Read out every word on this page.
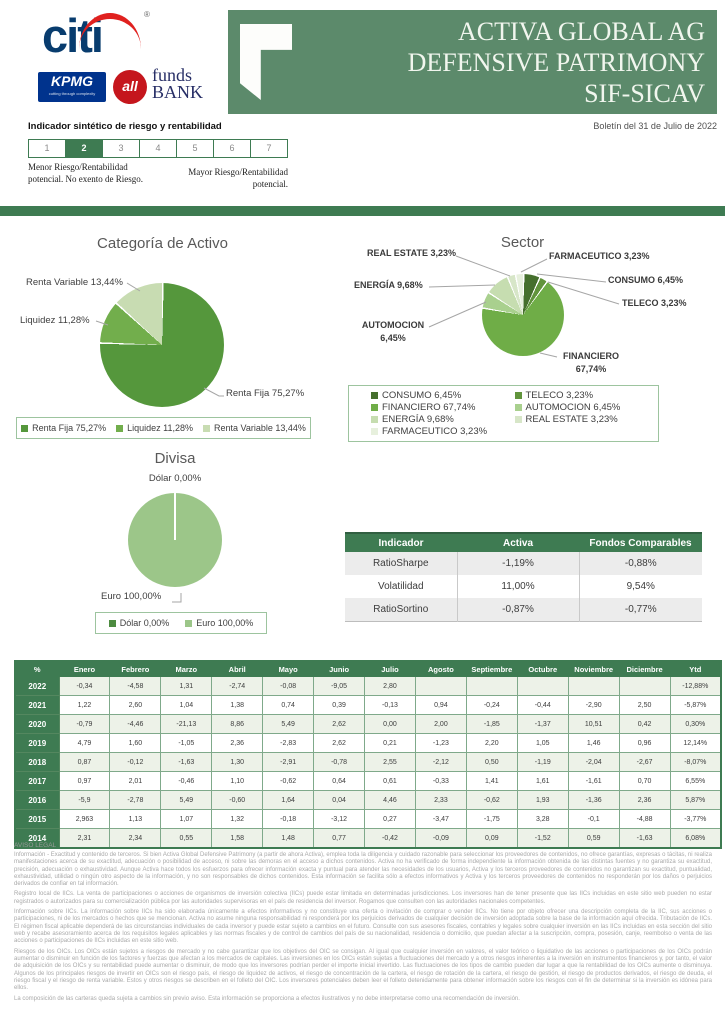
citi	®
KPMG
cutting through complexity	all
funds
BANK
ACTIVA GLOBAL AG
DEFENSIVE PATRIMONY
SIF-SICAV
Boletín del 31 de Julio de 2022
Indicador sintético de riesgo y rentabilidad
1	2	3	4	5	6	7
Menor Riesgo/Rentabilidad potencial. No exento de Riesgo.
Mayor Riesgo/Rentabilidad potencial.
Categoría de Activo	Sector
Divisa
Renta Variable 13,44%
Liquidez 11,28%
Renta Fija 75,27%
REAL ESTATE 3,23%	FARMACEUTICO 3,23%
ENERGÍA 9,68%	CONSUMO 6,45%
TELECO 3,23%
AUTOMOCION
6,45%
FINANCIERO
67,74%
Dólar 0,00%
Euro 100,00%
Renta Fija 75,27% Liquidez 11,28% Renta Variable 13,44%
CONSUMO 6,45%	TELECO 3,23%
FINANCIERO 67,74%	AUTOMOCION 6,45%
ENERGÍA 9,68%	REAL ESTATE 3,23%
FARMACEUTICO 3,23%
Dólar 0,00%	Euro 100,00%
Indicador	Activa	Fondos Comparables
RatioSharpe	-1,19%	-0,88%
Volatilidad	11,00%	9,54%
RatioSortino	-0,87%	-0,77%
%	Enero	Febrero	Marzo	Abril	Mayo	Junio	Julio	Agosto	Septiembre	Octubre	Noviembre	Diciembre	Ytd
2022	-0,34	-4,58	1,31	-2,74	-0,08	-9,05	2,80						-12,88%
2021	1,22	2,60	1,04	1,38	0,74	0,39	-0,13	0,94	-0,24	-0,44	-2,90	2,50	-5,87%
2020	-0,79	-4,46	-21,13	8,86	5,49	2,62	0,00	2,00	-1,85	-1,37	10,51	0,42	0,30%
2019	4,79	1,60	-1,05	2,36	-2,83	2,62	0,21	-1,23	2,20	1,05	1,46	0,96	12,14%
2018	0,87	-0,12	-1,63	1,30	-2,91	-0,78	2,55	-2,12	0,50	-1,19	-2,04	-2,67	-8,07%
2017	0,97	2,01	-0,46	1,10	-0,62	0,64	0,61	-0,33	1,41	1,61	-1,61	0,70	6,55%
2016	-5,9	-2,78	5,49	-0,60	1,64	0,04	4,46	2,33	-0,62	1,93	-1,36	2,36	5,87%
2015	2,963	1,13	1,07	1,32	-0,18	-3,12	0,27	-3,47	-1,75	3,28	-0,1	-4,88	-3,77%
2014	2,31	2,34	0,55	1,58	1,48	0,77	-0,42	-0,09	0,09	-1,52	0,59	-1,63	6,08%
AVISO LEGAL

Información - Exactitud y contenido de terceros. Si bien Activa Global Defensive Patrimony (a partir de ahora Activa), emplea toda la diligencia y cuidado razonable para seleccionar los proveedores de contenidos, no ofrece garantías, expresas o tácitas, ni realiza manifestaciones acerca de su exactitud, adecuación o posibilidad de acceso, ni sobre las demoras en el acceso a dichos contenidos. Activa no ha verificado de forma independiente la información obtenida de las distintas fuentes y no garantiza su exactitud, precisión, adecuación o exhaustividad. Aunque Activa hace todos los esfuerzos para ofrecer información exacta y puntual para atender las necesidades de los usuarios, Activa y los terceros proveedores de contenidos no garantizan su exactitud, puntualidad, exhaustividad, utilidad o ningún otro aspecto de la información, y no son responsables de dichos contenidos. Esta información se facilita sólo a efectos informativos y Activa y los terceros proveedores de contenidos no responderán por los daños o perjuicios derivados de confiar en tal información.

Registro local de IICs. La venta de participaciones o acciones de organismos de inversión colectiva (IICs) puede estar limitada en determinadas jurisdicciones. Los inversores han de tener presente que las IICs incluidas en este sitio web pueden no estar registrados o autorizados para su comercialización pública por las autoridades supervisoras en el país de residencia del inversor. Rogamos que consulten con las autoridades nacionales competentes.

Información sobre IICs. La información sobre IICs ha sido elaborada únicamente a efectos informativos y no constituye una oferta o invitación de comprar o vender IICs. No tiene por objeto ofrecer una descripción completa de la IIC, sus acciones o participaciones, ni de los mercados o hechos que se mencionan. Activa no asume ninguna responsabilidad ni responderá por los perjuicios derivados de cualquier decisión de inversión adoptada sobre la base de la información aquí ofrecida. Tributación de IICs. El régimen fiscal aplicable dependerá de las circunstancias individuales de cada inversor y puede estar sujeto a cambios en el futuro. Consulte con sus asesores fiscales, contables y legales sobre cualquier inversión en las IICs incluidas en esta sección del sitio web y recabe asesoramiento acerca de los requisitos legales aplicables y las normas fiscales y de control de cambios del país de su nacionalidad, residencia o domicilio, que puedan afectar a la suscripción, compra, posesión, canje, reembolso o venta de las acciones o participaciones de IICs incluidas en este sitio web.

Riesgos de los OICs. Los OICs están sujetos a riesgos de mercado y no cabe garantizar que los objetivos del OIC se consigan. Al igual que cualquier inversión en valores, el valor teórico o liquidativo de las acciones o participaciones de los OICs podrán aumentar o disminuir en función de los factores y fuerzas que afectan a los mercados de capitales. Las inversiones en los OICs están sujetas a fluctuaciones del mercado y a otros riesgos inherentes a la inversión en instrumentos financieros y, por tanto, el valor de adquisición de los OICs y su rentabilidad puede aumentar o disminuir, de modo que los inversores podrían perder el importe inicial invertido. Las fluctuaciones de los tipos de cambio pueden dar lugar a que la rentabilidad de los OICs aumente o disminuya. Algunos de los principales riesgos de invertir en OICs son el riesgo país, el riesgo de liquidez de activos, el riesgo de concentración de la cartera, el riesgo de rotación de la cartera, el riesgo de gestión, el riesgo de productos derivados, el riesgo de deuda, el riesgo fiscal y el riesgo de renta variable. Estos y otros riesgos se describen en el folleto del OIC. Los inversores potenciales deben leer el folleto detenidamente para obtener información sobre los riesgos con el fin de determinar si la inversión es idónea para ellos.

La composición de las carteras queda sujeta a cambios sin previo aviso. Esta información se proporciona a efectos ilustrativos y no debe interpretarse como una recomendación de inversión.
